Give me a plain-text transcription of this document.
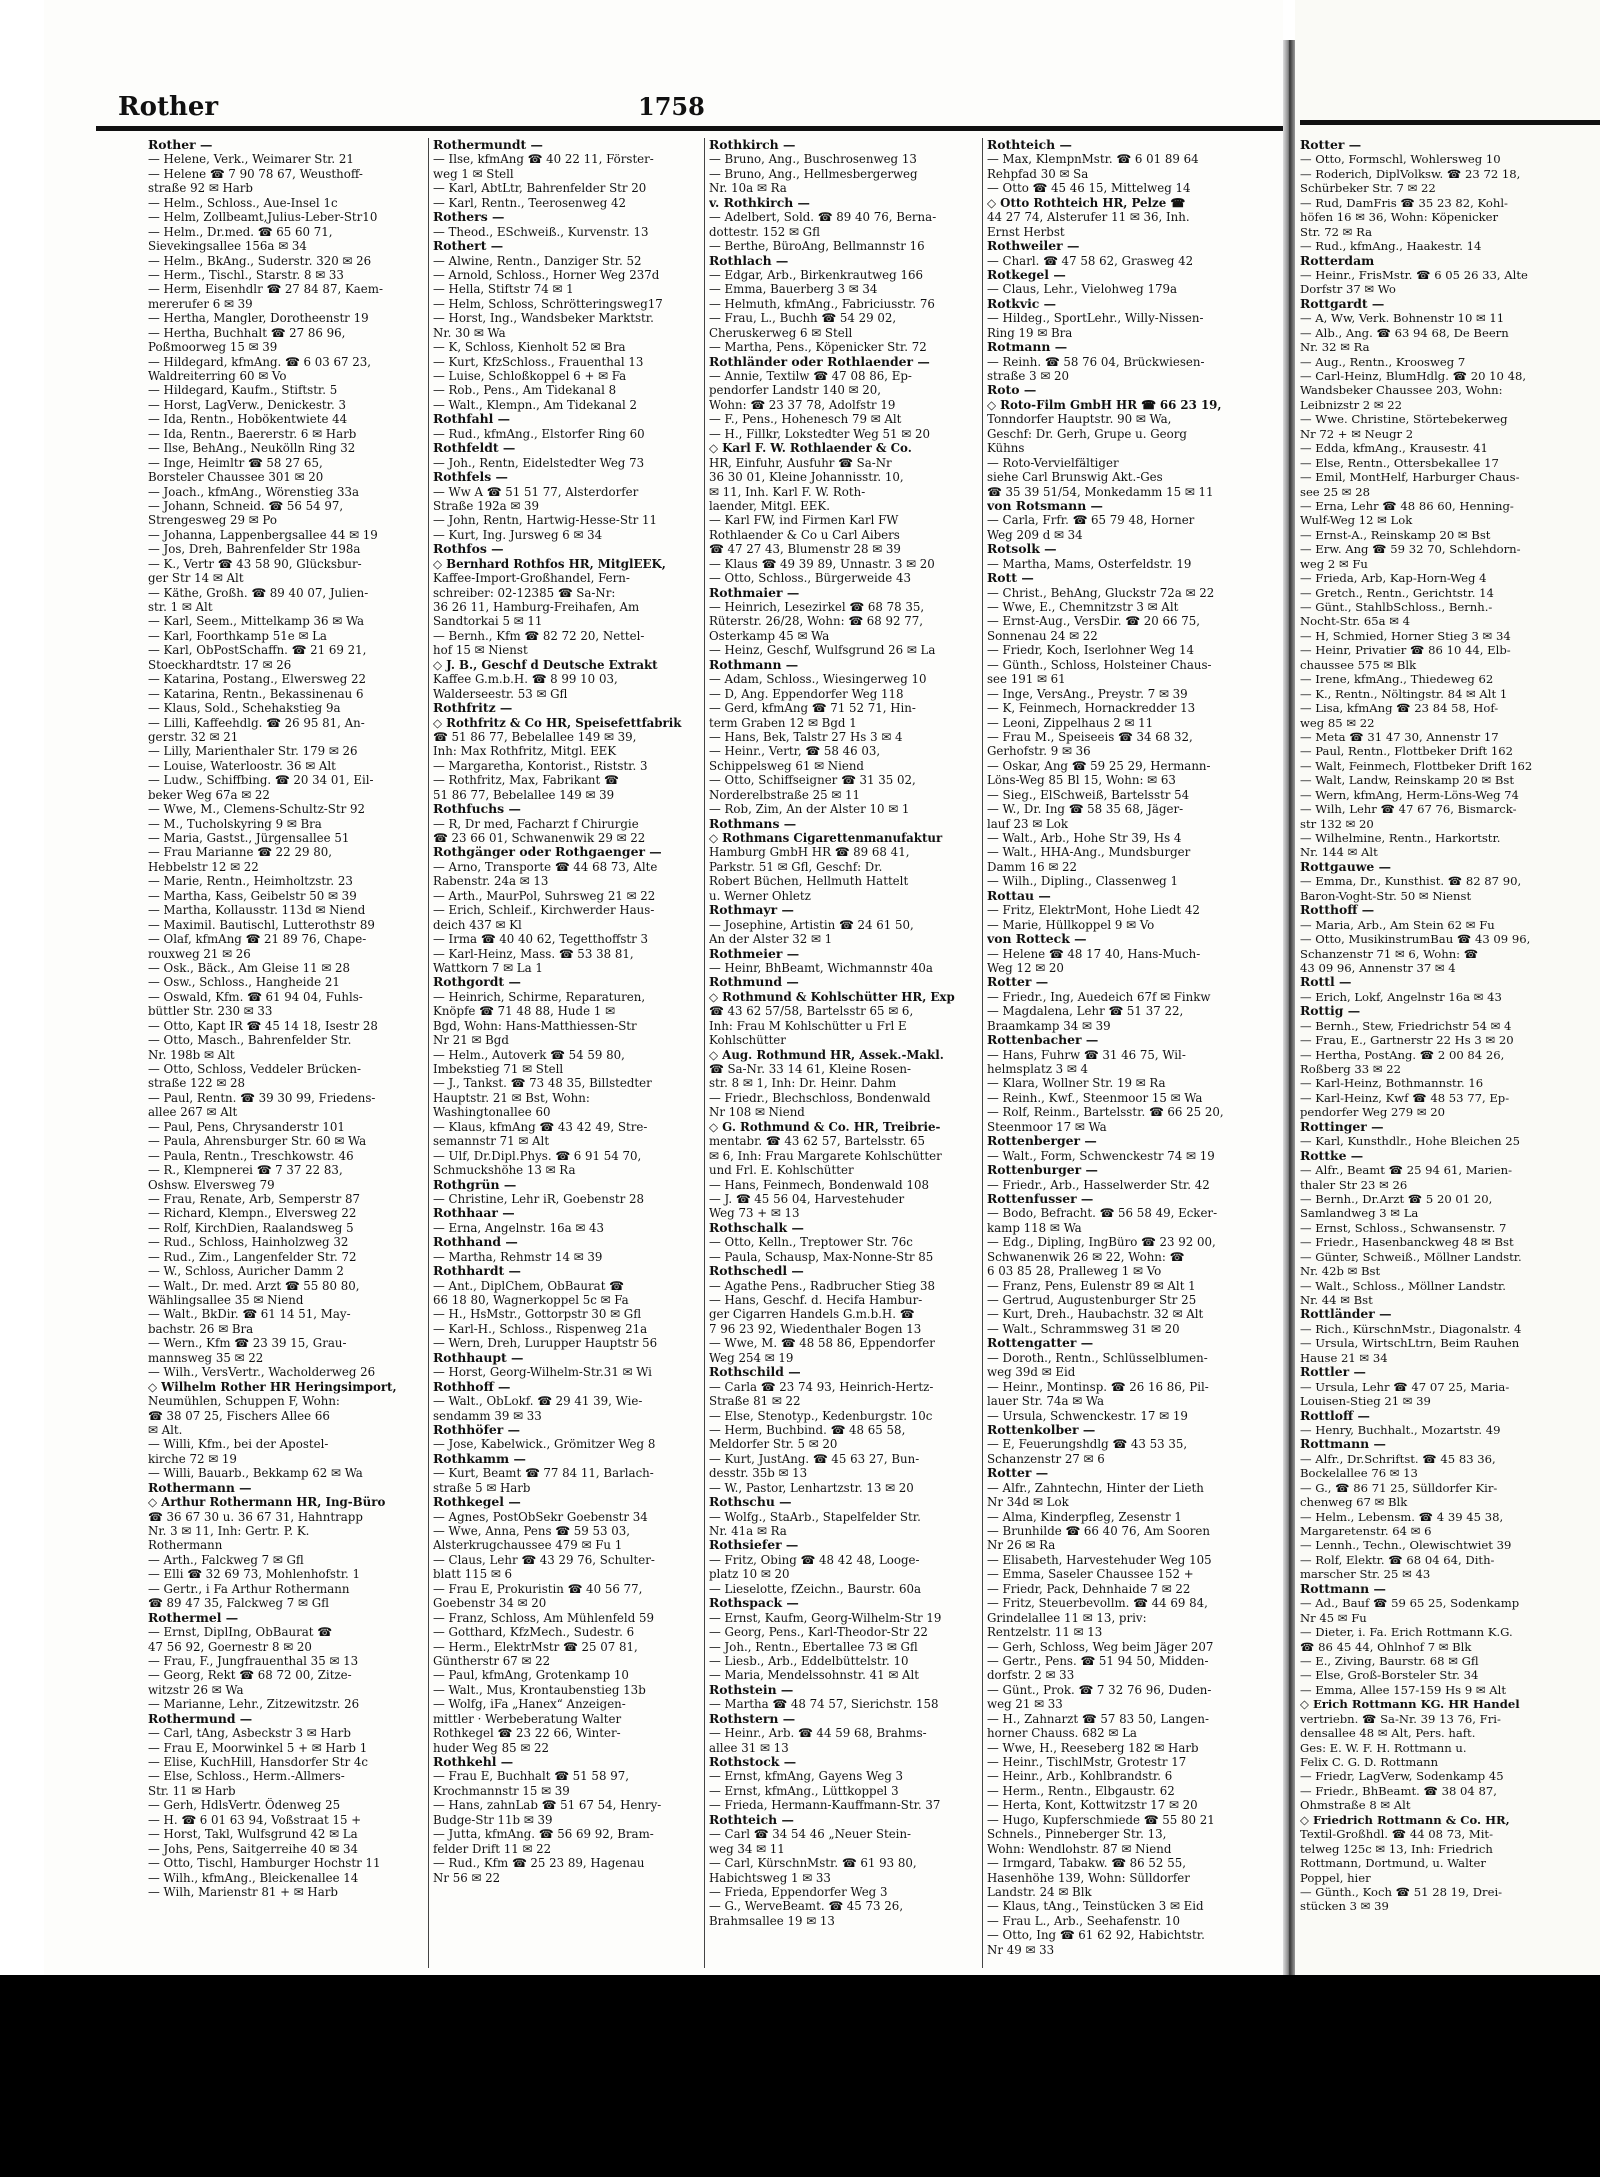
Rother	1758
Rother —
— Helene, Verk., Weimarer Str. 21
— Helene ☎ 7 90 78 67, Weusthoff-
straße 92 ✉ Harb
— Helm., Schloss., Aue-Insel 1c
— Helm, Zollbeamt,Julius-Leber-Str10
— Helm., Dr.med. ☎ 65 60 71,
Sievekingsallee 156a ✉ 34
— Helm., BkAng., Suderstr. 320 ✉ 26
— Herm., Tischl., Starstr. 8 ✉ 33
— Herm, Eisenhdlr ☎ 27 84 87, Kaem-
mererufer 6 ✉ 39
— Hertha, Mangler, Dorotheenstr 19
— Hertha, Buchhalt ☎ 27 86 96,
Poßmoorweg 15 ✉ 39
— Hildegard, kfmAng. ☎ 6 03 67 23,
Waldreiterring 60 ✉ Vo
— Hildegard, Kaufm., Stiftstr. 5
— Horst, LagVerw., Denickestr. 3
— Ida, Rentn., Hobökentwiete 44
— Ida, Rentn., Baererstr. 6 ✉ Harb
— Ilse, BehAng., Neukölln Ring 32
— Inge, Heimltr ☎ 58 27 65,
Borsteler Chaussee 301 ✉ 20
— Joach., kfmAng., Wörenstieg 33a
— Johann, Schneid. ☎ 56 54 97,
Strengesweg 29 ✉ Po
— Johanna, Lappenbergsallee 44 ✉ 19
— Jos, Dreh, Bahrenfelder Str 198a
— K., Vertr ☎ 43 58 90, Glücksbur-
ger Str 14 ✉ Alt
— Käthe, Großh. ☎ 89 40 07, Julien-
str. 1 ✉ Alt
— Karl, Seem., Mittelkamp 36 ✉ Wa
— Karl, Foorthkamp 51e ✉ La
— Karl, ObPostSchaffn. ☎ 21 69 21,
Stoeckhardtstr. 17 ✉ 26
— Katarina, Postang., Elwersweg 22
— Katarina, Rentn., Bekassinenau 6
— Klaus, Sold., Schehakstieg 9a
— Lilli, Kaffeehdlg. ☎ 26 95 81, An-
gerstr. 32 ✉ 21
— Lilly, Marienthaler Str. 179 ✉ 26
— Louise, Waterloostr. 36 ✉ Alt
— Ludw., Schiffbing. ☎ 20 34 01, Eil-
beker Weg 67a ✉ 22
— Wwe, M., Clemens-Schultz-Str 92
— M., Tucholskyring 9 ✉ Bra
— Maria, Gastst., Jürgensallee 51
— Frau Marianne ☎ 22 29 80,
Hebbelstr 12 ✉ 22
— Marie, Rentn., Heimholtzstr. 23
— Martha, Kass, Geibelstr 50 ✉ 39
— Martha, Kollausstr. 113d ✉ Niend
— Maximil. Bautischl, Lutterothstr 89
— Olaf, kfmAng ☎ 21 89 76, Chape-
rouxweg 21 ✉ 26
— Osk., Bäck., Am Gleise 11 ✉ 28
— Osw., Schloss., Hangheide 21
— Oswald, Kfm. ☎ 61 94 04, Fuhls-
büttler Str. 230 ✉ 33
— Otto, Kapt IR ☎ 45 14 18, Isestr 28
— Otto, Masch., Bahrenfelder Str.
Nr. 198b ✉ Alt
— Otto, Schloss, Veddeler Brücken-
straße 122 ✉ 28
— Paul, Rentn. ☎ 39 30 99, Friedens-
allee 267 ✉ Alt
— Paul, Pens, Chrysanderstr 101
— Paula, Ahrensburger Str. 60 ✉ Wa
— Paula, Rentn., Treschkowstr. 46
— R., Klempnerei ☎ 7 37 22 83,
Oshsw. Elversweg 79
— Frau, Renate, Arb, Semperstr 87
— Richard, Klempn., Elversweg 22
— Rolf, KirchDien, Raalandsweg 5
— Rud., Schloss, Hainholzweg 32
— Rud., Zim., Langenfelder Str. 72
— W., Schloss, Auricher Damm 2
— Walt., Dr. med. Arzt ☎ 55 80 80,
Wählingsallee 35 ✉ Niend
— Walt., BkDir. ☎ 61 14 51, May-
bachstr. 26 ✉ Bra
— Wern., Kfm ☎ 23 39 15, Grau-
mannsweg 35 ✉ 22
— Wilh., VersVertr., Wacholderweg 26
◇ Wilhelm Rother HR Heringsimport,
Neumühlen, Schuppen F, Wohn:
☎ 38 07 25, Fischers Allee 66
✉ Alt.
— Willi, Kfm., bei der Apostel-
kirche 72 ✉ 19
— Willi, Bauarb., Bekkamp 62 ✉ Wa
Rothermann —
◇ Arthur Rothermann HR, Ing-Büro
☎ 36 67 30 u. 36 67 31, Hahntrapp
Nr. 3 ✉ 11, Inh: Gertr. P. K.
Rothermann
— Arth., Falckweg 7 ✉ Gfl
— Elli ☎ 32 69 73, Mohlenhofstr. 1
— Gertr., i Fa Arthur Rothermann
☎ 89 47 35, Falckweg 7 ✉ Gfl
Rothermel —
— Ernst, DiplIng, ObBaurat ☎
47 56 92, Goernestr 8 ✉ 20
— Frau, F., Jungfrauenthal 35 ✉ 13
— Georg, Rekt ☎ 68 72 00, Zitze-
witzstr 26 ✉ Wa
— Marianne, Lehr., Zitzewitzstr. 26
Rothermund —
— Carl, tAng, Asbeckstr 3 ✉ Harb
— Frau E, Moorwinkel 5 + ✉ Harb 1
— Elise, KuchHill, Hansdorfer Str 4c
— Else, Schloss., Herm.-Allmers-
Str. 11 ✉ Harb
— Gerh, HdlsVertr. Ödenweg 25
— H. ☎ 6 01 63 94, Voßstraat 15 +
— Horst, Takl, Wulfsgrund 42 ✉ La
— Johs, Pens, Saitgerreihe 40 ✉ 34
— Otto, Tischl, Hamburger Hochstr 11
— Wilh., kfmAng., Bleickenallee 14
— Wilh, Marienstr 81 + ✉ Harb
Rothermundt —
— Ilse, kfmAng ☎ 40 22 11, Förster-
weg 1 ✉ Stell
— Karl, AbtLtr, Bahrenfelder Str 20
— Karl, Rentn., Teerosenweg 42
Rothers —
— Theod., ESchweiß., Kurvenstr. 13
Rothert —
— Alwine, Rentn., Danziger Str. 52
— Arnold, Schloss., Horner Weg 237d
— Hella, Stiftstr 74 ✉ 1
— Helm, Schloss, Schrötteringsweg17
— Horst, Ing., Wandsbeker Marktstr.
Nr. 30 ✉ Wa
— K, Schloss, Kienholt 52 ✉ Bra
— Kurt, KfzSchloss., Frauenthal 13
— Luise, Schloßkoppel 6 + ✉ Fa
— Rob., Pens., Am Tidekanal 8
— Walt., Klempn., Am Tidekanal 2
Rothfahl —
— Rud., kfmAng., Elstorfer Ring 60
Rothfeldt —
— Joh., Rentn, Eidelstedter Weg 73
Rothfels —
— Ww A ☎ 51 51 77, Alsterdorfer
Straße 192a ✉ 39
— John, Rentn, Hartwig-Hesse-Str 11
— Kurt, Ing. Jursweg 6 ✉ 34
Rothfos —
◇ Bernhard Rothfos HR, MitglEEK,
Kaffee-Import-Großhandel, Fern-
schreiber: 02-12385 ☎ Sa-Nr:
36 26 11, Hamburg-Freihafen, Am
Sandtorkai 5 ✉ 11
— Bernh., Kfm ☎ 82 72 20, Nettel-
hof 15 ✉ Nienst
◇ J. B., Geschf d Deutsche Extrakt
Kaffee G.m.b.H. ☎ 8 99 10 03,
Walderseestr. 53 ✉ Gfl
Rothfritz —
◇ Rothfritz & Co HR, Speisefettfabrik
☎ 51 86 77, Bebelallee 149 ✉ 39,
Inh: Max Rothfritz, Mitgl. EEK
— Margaretha, Kontorist., Riststr. 3
— Rothfritz, Max, Fabrikant ☎
51 86 77, Bebelallee 149 ✉ 39
Rothfuchs —
— R, Dr med, Facharzt f Chirurgie
☎ 23 66 01, Schwanenwik 29 ✉ 22
Rothgänger oder Rothgaenger —
— Arno, Transporte ☎ 44 68 73, Alte
Rabenstr. 24a ✉ 13
— Arth., MaurPol, Suhrsweg 21 ✉ 22
— Erich, Schleif., Kirchwerder Haus-
deich 437 ✉ Kl
— Irma ☎ 40 40 62, Tegetthoffstr 3
— Karl-Heinz, Mass. ☎ 53 38 81,
Wattkorn 7 ✉ La 1
Rothgordt —
— Heinrich, Schirme, Reparaturen,
Knöpfe ☎ 71 48 88, Hude 1 ✉
Bgd, Wohn: Hans-Matthiessen-Str
Nr 21 ✉ Bgd
— Helm., Autoverk ☎ 54 59 80,
Imbekstieg 71 ✉ Stell
— J., Tankst. ☎ 73 48 35, Billstedter
Hauptstr. 21 ✉ Bst, Wohn:
Washingtonallee 60
— Klaus, kfmAng ☎ 43 42 49, Stre-
semannstr 71 ✉ Alt
— Ulf, Dr.Dipl.Phys. ☎ 6 91 54 70,
Schmuckshöhe 13 ✉ Ra
Rothgrün —
— Christine, Lehr iR, Goebenstr 28
Rothhaar —
— Erna, Angelnstr. 16a ✉ 43
Rothhand —
— Martha, Rehmstr 14 ✉ 39
Rothhardt —
— Ant., DiplChem, ObBaurat ☎
66 18 80, Wagnerkoppel 5c ✉ Fa
— H., HsMstr., Gottorpstr 30 ✉ Gfl
— Karl-H., Schloss., Rispenweg 21a
— Wern, Dreh, Lurupper Hauptstr 56
Rothhaupt —
— Horst, Georg-Wilhelm-Str.31 ✉ Wi
Rothhoff —
— Walt., ObLokf. ☎ 29 41 39, Wie-
sendamm 39 ✉ 33
Rothhöfer —
— Jose, Kabelwick., Grömitzer Weg 8
Rothkamm —
— Kurt, Beamt ☎ 77 84 11, Barlach-
straße 5 ✉ Harb
Rothkegel —
— Agnes, PostObSekr Goebenstr 34
— Wwe, Anna, Pens ☎ 59 53 03,
Alsterkrugchaussee 479 ✉ Fu 1
— Claus, Lehr ☎ 43 29 76, Schulter-
blatt 115 ✉ 6
— Frau E, Prokuristin ☎ 40 56 77,
Goebenstr 34 ✉ 20
— Franz, Schloss, Am Mühlenfeld 59
— Gotthard, KfzMech., Sudestr. 6
— Herm., ElektrMstr ☎ 25 07 81,
Güntherstr 67 ✉ 22
— Paul, kfmAng, Grotenkamp 10
— Walt., Mus, Krontaubenstieg 13b
— Wolfg, iFa „Hanex“ Anzeigen-
mittler · Werbeberatung Walter
Rothkegel ☎ 23 22 66, Winter-
huder Weg 85 ✉ 22
Rothkehl —
— Frau E, Buchhalt ☎ 51 58 97,
Krochmannstr 15 ✉ 39
— Hans, zahnLab ☎ 51 67 54, Henry-
Budge-Str 11b ✉ 39
— Jutta, kfmAng. ☎ 56 69 92, Bram-
felder Drift 11 ✉ 22
— Rud., Kfm ☎ 25 23 89, Hagenau
Nr 56 ✉ 22
Rothkirch —
— Bruno, Ang., Buschrosenweg 13
— Bruno, Ang., Hellmesbergerweg
Nr. 10a ✉ Ra
v. Rothkirch —
— Adelbert, Sold. ☎ 89 40 76, Berna-
dottestr. 152 ✉ Gfl
— Berthe, BüroAng, Bellmannstr 16
Rothlach —
— Edgar, Arb., Birkenkrautweg 166
— Emma, Bauerberg 3 ✉ 34
— Helmuth, kfmAng., Fabriciusstr. 76
— Frau, L., Buchh ☎ 54 29 02,
Cheruskerweg 6 ✉ Stell
— Martha, Pens., Köpenicker Str. 72
Rothländer oder Rothlaender —
— Annie, Textilw ☎ 47 08 86, Ep-
pendorfer Landstr 140 ✉ 20,
Wohn: ☎ 23 37 78, Adolfstr 19
— F., Pens., Hohenesch 79 ✉ Alt
— H., Fillkr, Lokstedter Weg 51 ✉ 20
◇ Karl F. W. Rothlaender & Co.
HR, Einfuhr, Ausfuhr ☎ Sa-Nr
36 30 01, Kleine Johannisstr. 10,
✉ 11, Inh. Karl F. W. Roth-
laender, Mitgl. EEK.
— Karl FW, ind Firmen Karl FW
Rothlaender & Co u Carl Aibers
☎ 47 27 43, Blumenstr 28 ✉ 39
— Klaus ☎ 49 39 89, Unnastr. 3 ✉ 20
— Otto, Schloss., Bürgerweide 43
Rothmaier —
— Heinrich, Lesezirkel ☎ 68 78 35,
Rüterstr. 26/28, Wohn: ☎ 68 92 77,
Osterkamp 45 ✉ Wa
— Heinz, Geschf, Wulfsgrund 26 ✉ La
Rothmann —
— Adam, Schloss., Wiesingerweg 10
— D, Ang. Eppendorfer Weg 118
— Gerd, kfmAng ☎ 71 52 71, Hin-
term Graben 12 ✉ Bgd 1
— Hans, Bek, Talstr 27 Hs 3 ✉ 4
— Heinr., Vertr, ☎ 58 46 03,
Schippelsweg 61 ✉ Niend
— Otto, Schiffseigner ☎ 31 35 02,
Norderelbstraße 25 ✉ 11
— Rob, Zim, An der Alster 10 ✉ 1
Rothmans —
◇ Rothmans Cigarettenmanufaktur
Hamburg GmbH HR ☎ 89 68 41,
Parkstr. 51 ✉ Gfl, Geschf: Dr.
Robert Büchen, Hellmuth Hattelt
u. Werner Ohletz
Rothmayr —
— Josephine, Artistin ☎ 24 61 50,
An der Alster 32 ✉ 1
Rothmeier —
— Heinr, BhBeamt, Wichmannstr 40a
Rothmund —
◇ Rothmund & Kohlschütter HR, Exp
☎ 43 62 57/58, Bartelsstr 65 ✉ 6,
Inh: Frau M Kohlschütter u Frl E
Kohlschütter
◇ Aug. Rothmund HR, Assek.-Makl.
☎ Sa-Nr. 33 14 61, Kleine Rosen-
str. 8 ✉ 1, Inh: Dr. Heinr. Dahm
— Friedr., Blechschloss, Bondenwald
Nr 108 ✉ Niend
◇ G. Rothmund & Co. HR, Treibrie-
mentabr. ☎ 43 62 57, Bartelsstr. 65
✉ 6, Inh: Frau Margarete Kohlschütter
und Frl. E. Kohlschütter
— Hans, Feinmech, Bondenwald 108
— J. ☎ 45 56 04, Harvestehuder
Weg 73 + ✉ 13
Rothschalk —
— Otto, Kelln., Treptower Str. 76c
— Paula, Schausp, Max-Nonne-Str 85
Rothschedl —
— Agathe Pens., Radbrucher Stieg 38
— Hans, Geschf. d. Hecifa Hambur-
ger Cigarren Handels G.m.b.H. ☎
7 96 23 92, Wiedenthaler Bogen 13
— Wwe, M. ☎ 48 58 86, Eppendorfer
Weg 254 ✉ 19
Rothschild —
— Carla ☎ 23 74 93, Heinrich-Hertz-
Straße 81 ✉ 22
— Else, Stenotyp., Kedenburgstr. 10c
— Herm, Buchbind. ☎ 48 65 58,
Meldorfer Str. 5 ✉ 20
— Kurt, JustAng. ☎ 45 63 27, Bun-
desstr. 35b ✉ 13
— W., Pastor, Lenhartzstr. 13 ✉ 20
Rothschu —
— Wolfg., StaArb., Stapelfelder Str.
Nr. 41a ✉ Ra
Rothsiefer —
— Fritz, Obing ☎ 48 42 48, Looge-
platz 10 ✉ 20
— Lieselotte, fZeichn., Baurstr. 60a
Rothspack —
— Ernst, Kaufm, Georg-Wilhelm-Str 19
— Georg, Pens., Karl-Theodor-Str 22
— Joh., Rentn., Ebertallee 73 ✉ Gfl
— Liesb., Arb., Eddelbüttelstr. 10
— Maria, Mendelssohnstr. 41 ✉ Alt
Rothstein —
— Martha ☎ 48 74 57, Sierichstr. 158
Rothstern —
— Heinr., Arb. ☎ 44 59 68, Brahms-
allee 31 ✉ 13
Rothstock —
— Ernst, kfmAng, Gayens Weg 3
— Ernst, kfmAng., Lüttkoppel 3
— Frieda, Hermann-Kauffmann-Str. 37
Rothteich —
— Carl ☎ 34 54 46 „Neuer Stein-
weg 34 ✉ 11
— Carl, KürschnMstr. ☎ 61 93 80,
Habichtsweg 1 ✉ 33
— Frieda, Eppendorfer Weg 3
— G., WerveBeamt. ☎ 45 73 26,
Brahmsallee 19 ✉ 13
Rothteich —
— Max, KlempnMstr. ☎ 6 01 89 64
Rehpfad 30 ✉ Sa
— Otto ☎ 45 46 15, Mittelweg 14
◇ Otto Rothteich HR, Pelze ☎
44 27 74, Alsterufer 11 ✉ 36, Inh.
Ernst Herbst
Rothweiler —
— Charl. ☎ 47 58 62, Grasweg 42
Rotkegel —
— Claus, Lehr., Vielohweg 179a
Rotkvic —
— Hildeg., SportLehr., Willy-Nissen-
Ring 19 ✉ Bra
Rotmann —
— Reinh. ☎ 58 76 04, Brückwiesen-
straße 3 ✉ 20
Roto —
◇ Roto-Film GmbH HR ☎ 66 23 19,
Tonndorfer Hauptstr. 90 ✉ Wa,
Geschf: Dr. Gerh, Grupe u. Georg
Kühns
— Roto-Vervielfältiger
siehe Carl Brunswig Akt.-Ges
☎ 35 39 51/54, Monkedamm 15 ✉ 11
von Rotsmann —
— Carla, Frfr. ☎ 65 79 48, Horner
Weg 209 d ✉ 34
Rotsolk —
— Martha, Mams, Osterfeldstr. 19
Rott —
— Christ., BehAng, Gluckstr 72a ✉ 22
— Wwe, E., Chemnitzstr 3 ✉ Alt
— Ernst-Aug., VersDir. ☎ 20 66 75,
Sonnenau 24 ✉ 22
— Friedr, Koch, Iserlohner Weg 14
— Günth., Schloss, Holsteiner Chaus-
see 191 ✉ 61
— Inge, VersAng., Preystr. 7 ✉ 39
— K, Feinmech, Hornackredder 13
— Leoni, Zippelhaus 2 ✉ 11
— Frau M., Speiseeis ☎ 34 68 32,
Gerhofstr. 9 ✉ 36
— Oskar, Ang ☎ 59 25 29, Hermann-
Löns-Weg 85 Bl 15, Wohn: ✉ 63
— Sieg., ElSchweiß, Bartelsstr 54
— W., Dr. Ing ☎ 58 35 68, Jäger-
lauf 23 ✉ Lok
— Walt., Arb., Hohe Str 39, Hs 4
— Walt., HHA-Ang., Mundsburger
Damm 16 ✉ 22
— Wilh., Dipling., Classenweg 1
Rottau —
— Fritz, ElektrMont, Hohe Liedt 42
— Marie, Hüllkoppel 9 ✉ Vo
von Rotteck —
— Helene ☎ 48 17 40, Hans-Much-
Weg 12 ✉ 20
Rotter —
— Friedr., Ing, Auedeich 67f ✉ Finkw
— Magdalena, Lehr ☎ 51 37 22,
Braamkamp 34 ✉ 39
Rottenbacher —
— Hans, Fuhrw ☎ 31 46 75, Wil-
helmsplatz 3 ✉ 4
— Klara, Wollner Str. 19 ✉ Ra
— Reinh., Kwf., Steenmoor 15 ✉ Wa
— Rolf, Reinm., Bartelsstr. ☎ 66 25 20,
Steenmoor 17 ✉ Wa
Rottenberger —
— Walt., Form, Schwenckestr 74 ✉ 19
Rottenburger —
— Friedr., Arb., Hasselwerder Str. 42
Rottenfusser —
— Bodo, Befracht. ☎ 56 58 49, Ecker-
kamp 118 ✉ Wa
— Edg., Dipling, IngBüro ☎ 23 92 00,
Schwanenwik 26 ✉ 22, Wohn: ☎
6 03 85 28, Pralleweg 1 ✉ Vo
— Franz, Pens, Eulenstr 89 ✉ Alt 1
— Gertrud, Augustenburger Str 25
— Kurt, Dreh., Haubachstr. 32 ✉ Alt
— Walt., Schrammsweg 31 ✉ 20
Rottengatter —
— Doroth., Rentn., Schlüsselblumen-
weg 39d ✉ Eid
— Heinr., Montinsp. ☎ 26 16 86, Pil-
lauer Str. 74a ✉ Wa
— Ursula, Schwenckestr. 17 ✉ 19
Rottenkolber —
— E, Feuerungshdlg ☎ 43 53 35,
Schanzenstr 27 ✉ 6
Rotter —
— Alfr., Zahntechn, Hinter der Lieth
Nr 34d ✉ Lok
— Alma, Kinderpfleg, Zesenstr 1
— Brunhilde ☎ 66 40 76, Am Sooren
Nr 26 ✉ Ra
— Elisabeth, Harvestehuder Weg 105
— Emma, Saseler Chaussee 152 +
— Friedr, Pack, Dehnhaide 7 ✉ 22
— Fritz, Steuerbevollm. ☎ 44 69 84,
Grindelallee 11 ✉ 13, priv:
Rentzelstr. 11 ✉ 13
— Gerh, Schloss, Weg beim Jäger 207
— Gertr., Pens. ☎ 51 94 50, Midden-
dorfstr. 2 ✉ 33
— Günt., Prok. ☎ 7 32 76 96, Duden-
weg 21 ✉ 33
— H., Zahnarzt ☎ 57 83 50, Langen-
horner Chauss. 682 ✉ La
— Wwe, H., Reeseberg 182 ✉ Harb
— Heinr., TischlMstr, Grotestr 17
— Heinr., Arb., Kohlbrandstr. 6
— Herm., Rentn., Elbgaustr. 62
— Herta, Kont, Kottwitzstr 17 ✉ 20
— Hugo, Kupferschmiede ☎ 55 80 21
Schnels., Pinneberger Str. 13,
Wohn: Wendlohstr. 87 ✉ Niend
— Irmgard, Tabakw. ☎ 86 52 55,
Hasenhöhe 139, Wohn: Sülldorfer
Landstr. 24 ✉ Blk
— Klaus, tAng., Teinstücken 3 ✉ Eid
— Frau L., Arb., Seehafenstr. 10
— Otto, Ing ☎ 61 62 92, Habichtstr.
Nr 49 ✉ 33
Rotter —
— Otto, Formschl, Wohlersweg 10
— Roderich, DiplVolksw. ☎ 23 72 18,
Schürbeker Str. 7 ✉ 22
— Rud, DamFris ☎ 35 23 82, Kohl-
höfen 16 ✉ 36, Wohn: Köpenicker
Str. 72 ✉ Ra
— Rud., kfmAng., Haakestr. 14
Rotterdam
— Heinr., FrisMstr. ☎ 6 05 26 33, Alte
Dorfstr 37 ✉ Wo
Rottgardt —
— A, Ww, Verk. Bohnenstr 10 ✉ 11
— Alb., Ang. ☎ 63 94 68, De Beern
Nr. 32 ✉ Ra
— Aug., Rentn., Kroosweg 7
— Carl-Heinz, BlumHdlg. ☎ 20 10 48,
Wandsbeker Chaussee 203, Wohn:
Leibnizstr 2 ✉ 22
— Wwe. Christine, Störtebekerweg
Nr 72 + ✉ Neugr 2
— Edda, kfmAng., Krausestr. 41
— Else, Rentn., Ottersbekallee 17
— Emil, MontHelf, Harburger Chaus-
see 25 ✉ 28
— Erna, Lehr ☎ 48 86 60, Henning-
Wulf-Weg 12 ✉ Lok
— Ernst-A., Reinskamp 20 ✉ Bst
— Erw. Ang ☎ 59 32 70, Schlehdorn-
weg 2 ✉ Fu
— Frieda, Arb, Kap-Horn-Weg 4
— Gretch., Rentn., Gerichtstr. 14
— Günt., StahlbSchloss., Bernh.-
Nocht-Str. 65a ✉ 4
— H, Schmied, Horner Stieg 3 ✉ 34
— Heinr, Privatier ☎ 86 10 44, Elb-
chaussee 575 ✉ Blk
— Irene, kfmAng., Thiedeweg 62
— K., Rentn., Nöltingstr. 84 ✉ Alt 1
— Lisa, kfmAng ☎ 23 84 58, Hof-
weg 85 ✉ 22
— Meta ☎ 31 47 30, Annenstr 17
— Paul, Rentn., Flottbeker Drift 162
— Walt, Feinmech, Flottbeker Drift 162
— Walt, Landw, Reinskamp 20 ✉ Bst
— Wern, kfmAng, Herm-Löns-Weg 74
— Wilh, Lehr ☎ 47 67 76, Bismarck-
str 132 ✉ 20
— Wilhelmine, Rentn., Harkortstr.
Nr. 144 ✉ Alt
Rottgauwe —
— Emma, Dr., Kunsthist. ☎ 82 87 90,
Baron-Voght-Str. 50 ✉ Nienst
Rotthoff —
— Maria, Arb., Am Stein 62 ✉ Fu
— Otto, MusikinstrumBau ☎ 43 09 96,
Schanzenstr 71 ✉ 6, Wohn: ☎
43 09 96, Annenstr 37 ✉ 4
Rottl —
— Erich, Lokf, Angelnstr 16a ✉ 43
Rottig —
— Bernh., Stew, Friedrichstr 54 ✉ 4
— Frau, E., Gartnerstr 22 Hs 3 ✉ 20
— Hertha, PostAng. ☎ 2 00 84 26,
Roßberg 33 ✉ 22
— Karl-Heinz, Bothmannstr. 16
— Karl-Heinz, Kwf ☎ 48 53 77, Ep-
pendorfer Weg 279 ✉ 20
Rottinger —
— Karl, Kunsthdlr., Hohe Bleichen 25
Rottke —
— Alfr., Beamt ☎ 25 94 61, Marien-
thaler Str 23 ✉ 26
— Bernh., Dr.Arzt ☎ 5 20 01 20,
Samlandweg 3 ✉ La
— Ernst, Schloss., Schwansenstr. 7
— Friedr., Hasenbanckweg 48 ✉ Bst
— Günter, Schweiß., Möllner Landstr.
Nr. 42b ✉ Bst
— Walt., Schloss., Möllner Landstr.
Nr. 44 ✉ Bst
Rottländer —
— Rich., KürschnMstr., Diagonalstr. 4
— Ursula, WirtschLtrn, Beim Rauhen
Hause 21 ✉ 34
Rottler —
— Ursula, Lehr ☎ 47 07 25, Maria-
Louisen-Stieg 21 ✉ 39
Rottloff —
— Henry, Buchhalt., Mozartstr. 49
Rottmann —
— Alfr., Dr.Schriftst. ☎ 45 83 36,
Bockelallee 76 ✉ 13
— G., ☎ 86 71 25, Sülldorfer Kir-
chenweg 67 ✉ Blk
— Helm., Lebensm. ☎ 4 39 45 38,
Margaretenstr. 64 ✉ 6
— Lennh., Techn., Olewischtwiet 39
— Rolf, Elektr. ☎ 68 04 64, Dith-
marscher Str. 25 ✉ 43
Rottmann —
— Ad., Bauf ☎ 59 65 25, Sodenkamp
Nr 45 ✉ Fu
— Dieter, i. Fa. Erich Rottmann K.G.
☎ 86 45 44, Ohlnhof 7 ✉ Blk
— E., Ziving, Baurstr. 68 ✉ Gfl
— Else, Groß-Borsteler Str. 34
— Emma, Allee 157-159 Hs 9 ✉ Alt
◇ Erich Rottmann KG. HR Handel
vertriebn. ☎ Sa-Nr. 39 13 76, Fri-
densallee 48 ✉ Alt, Pers. haft.
Ges: E. W. F. H. Rottmann u.
Felix C. G. D. Rottmann
— Friedr, LagVerw, Sodenkamp 45
— Friedr., BhBeamt. ☎ 38 04 87,
Ohmstraße 8 ✉ Alt
◇ Friedrich Rottmann & Co. HR,
Textil-Großhdl. ☎ 44 08 73, Mit-
telweg 125c ✉ 13, Inh: Friedrich
Rottmann, Dortmund, u. Walter
Poppel, hier
— Günth., Koch ☎ 51 28 19, Drei-
stücken 3 ✉ 39
